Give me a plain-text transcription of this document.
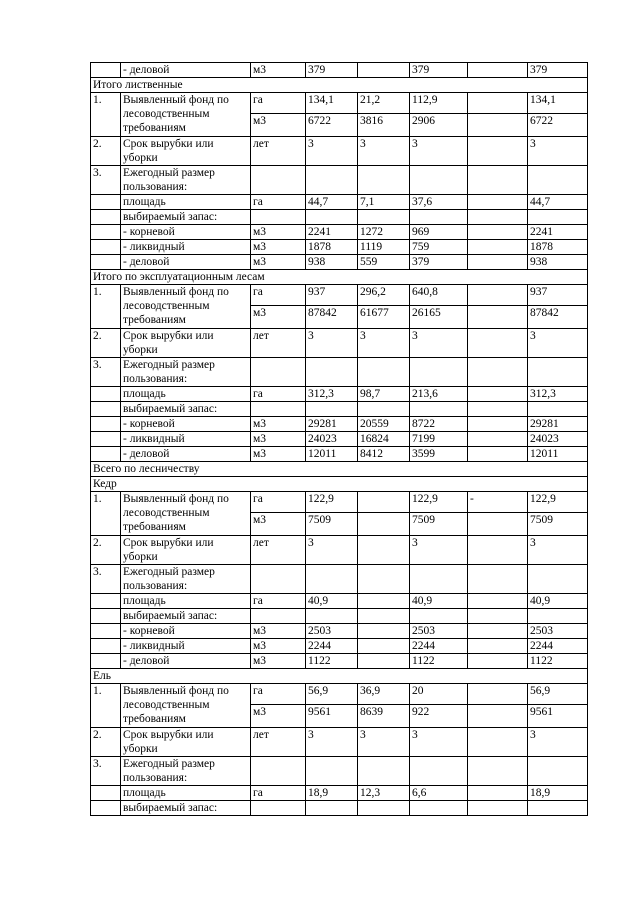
	- деловой	м3	379		379		379
Итого лиственные							
1.	Выявленный фонд по лесоводственным требованиям	га	134,1	21,2	112,9		134,1
		м3	6722	3816	2906		6722
2.	Срок вырубки или уборки	лет	3	3	3		3
3.	Ежегодный размер пользования:						
	площадь	га	44,7	7,1	37,6		44,7
	выбираемый запас:						
	- корневой	м3	2241	1272	969		2241
	- ликвидный	м3	1878	1119	759		1878
	- деловой	м3	938	559	379		938
Итого по эксплуатационным лесам							
1.	Выявленный фонд по лесоводственным требованиям	га	937	296,2	640,8		937
		м3	87842	61677	26165		87842
2.	Срок вырубки или уборки	лет	3	3	3		3
3.	Ежегодный размер пользования:						
	площадь	га	312,3	98,7	213,6		312,3
	выбираемый запас:						
	- корневой	м3	29281	20559	8722		29281
	- ликвидный	м3	24023	16824	7199		24023
	- деловой	м3	12011	8412	3599		12011
Всего по лесничеству							
Кедр							
1.	Выявленный фонд по лесоводственным требованиям	га	122,9		122,9	-	122,9
		м3	7509		7509		7509
2.	Срок вырубки или уборки	лет	3		3		3
3.	Ежегодный размер пользования:						
	площадь	га	40,9		40,9		40,9
	выбираемый запас:						
	- корневой	м3	2503		2503		2503
	- ликвидный	м3	2244		2244		2244
	- деловой	м3	1122		1122		1122
Ель							
1.	Выявленный фонд по лесоводственным требованиям	га	56,9	36,9	20		56,9
		м3	9561	8639	922		9561
2.	Срок вырубки или уборки	лет	3	3	3		3
3.	Ежегодный размер пользования:						
	площадь	га	18,9	12,3	6,6		18,9
	выбираемый запас:						
